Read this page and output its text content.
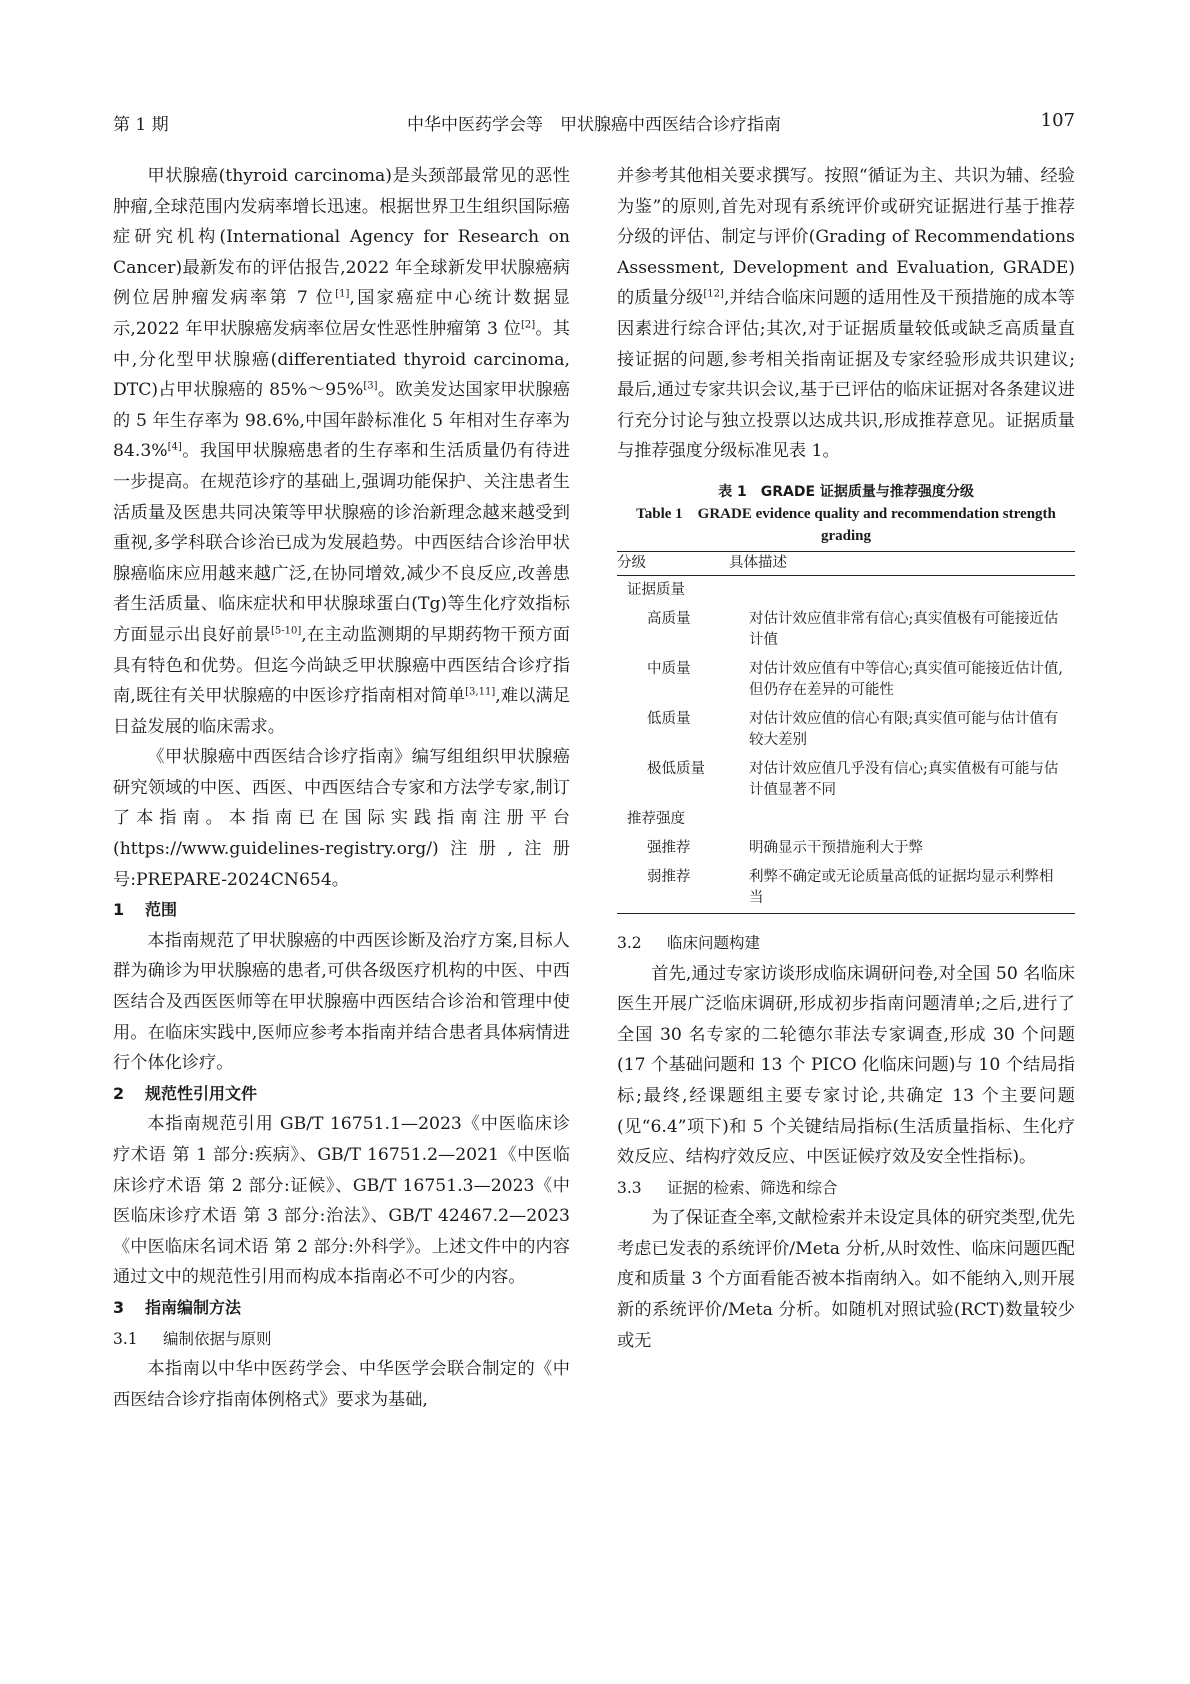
第 1 期	中华中医药学会等　甲状腺癌中西医结合诊疗指南	107

甲状腺癌(thyroid carcinoma)是头颈部最常见的恶性肿瘤,全球范围内发病率增长迅速。根据世界卫生组织国际癌症研究机构(International Agency for Research on Cancer)最新发布的评估报告,2022 年全球新发甲状腺癌病例位居肿瘤发病率第 7 位[1],国家癌症中心统计数据显示,2022 年甲状腺癌发病率位居女性恶性肿瘤第 3 位[2]。其中,分化型甲状腺癌(differentiated thyroid carcinoma, DTC)占甲状腺癌的 85%～95%[3]。欧美发达国家甲状腺癌的 5 年生存率为 98.6%,中国年龄标准化 5 年相对生存率为 84.3%[4]。我国甲状腺癌患者的生存率和生活质量仍有待进一步提高。在规范诊疗的基础上,强调功能保护、关注患者生活质量及医患共同决策等甲状腺癌的诊治新理念越来越受到重视,多学科联合诊治已成为发展趋势。中西医结合诊治甲状腺癌临床应用越来越广泛,在协同增效,减少不良反应,改善患者生活质量、临床症状和甲状腺球蛋白(Tg)等生化疗效指标方面显示出良好前景[5-10],在主动监测期的早期药物干预方面具有特色和优势。但迄今尚缺乏甲状腺癌中西医结合诊疗指南,既往有关甲状腺癌的中医诊疗指南相对简单[3,11],难以满足日益发展的临床需求。

《甲状腺癌中西医结合诊疗指南》编写组组织甲状腺癌研究领域的中医、西医、中西医结合专家和方法学专家,制订了本指南。本指南已在国际实践指南注册平台(https://www.guidelines-registry.org/)注册,注册号:PREPARE-2024CN654。

1 范围

本指南规范了甲状腺癌的中西医诊断及治疗方案,目标人群为确诊为甲状腺癌的患者,可供各级医疗机构的中医、中西医结合及西医医师等在甲状腺癌中西医结合诊治和管理中使用。在临床实践中,医师应参考本指南并结合患者具体病情进行个体化诊疗。

2 规范性引用文件

本指南规范引用 GB/T 16751.1—2023《中医临床诊疗术语 第 1 部分:疾病》、GB/T 16751.2—2021《中医临床诊疗术语 第 2 部分:证候》、GB/T 16751.3—2023《中医临床诊疗术语 第 3 部分:治法》、GB/T 42467.2—2023《中医临床名词术语 第 2 部分:外科学》。上述文件中的内容通过文中的规范性引用而构成本指南必不可少的内容。

3 指南编制方法
3.1 编制依据与原则

本指南以中华中医药学会、中华医学会联合制定的《中西医结合诊疗指南体例格式》要求为基础,

并参考其他相关要求撰写。按照“循证为主、共识为辅、经验为鉴”的原则,首先对现有系统评价或研究证据进行基于推荐分级的评估、制定与评价(Grading of Recommendations Assessment, Development and Evaluation, GRADE)的质量分级[12],并结合临床问题的适用性及干预措施的成本等因素进行综合评估;其次,对于证据质量较低或缺乏高质量直接证据的问题,参考相关指南证据及专家经验形成共识建议;最后,通过专家共识会议,基于已评估的临床证据对各条建议进行充分讨论与独立投票以达成共识,形成推荐意见。证据质量与推荐强度分级标准见表 1。

表 1　GRADE 证据质量与推荐强度分级
Table 1　GRADE evidence quality and recommendation strength grading
分级	具体描述
证据质量	
高质量	对估计效应值非常有信心;真实值极有可能接近估计值
中质量	对估计效应值有中等信心;真实值可能接近估计值,但仍存在差异的可能性
低质量	对估计效应值的信心有限;真实值可能与估计值有较大差别
极低质量	对估计效应值几乎没有信心;真实值极有可能与估计值显著不同
推荐强度	
强推荐	明确显示干预措施利大于弊
弱推荐	利弊不确定或无论质量高低的证据均显示利弊相当
3.2 临床问题构建

首先,通过专家访谈形成临床调研问卷,对全国 50 名临床医生开展广泛临床调研,形成初步指南问题清单;之后,进行了全国 30 名专家的二轮德尔菲法专家调查,形成 30 个问题(17 个基础问题和 13 个 PICO 化临床问题)与 10 个结局指标;最终,经课题组主要专家讨论,共确定 13 个主要问题(见“6.4”项下)和 5 个关键结局指标(生活质量指标、生化疗效反应、结构疗效反应、中医证候疗效及安全性指标)。

3.3 证据的检索、筛选和综合

为了保证查全率,文献检索并未设定具体的研究类型,优先考虑已发表的系统评价/Meta 分析,从时效性、临床问题匹配度和质量 3 个方面看能否被本指南纳入。如不能纳入,则开展新的系统评价/Meta 分析。如随机对照试验(RCT)数量较少或无
